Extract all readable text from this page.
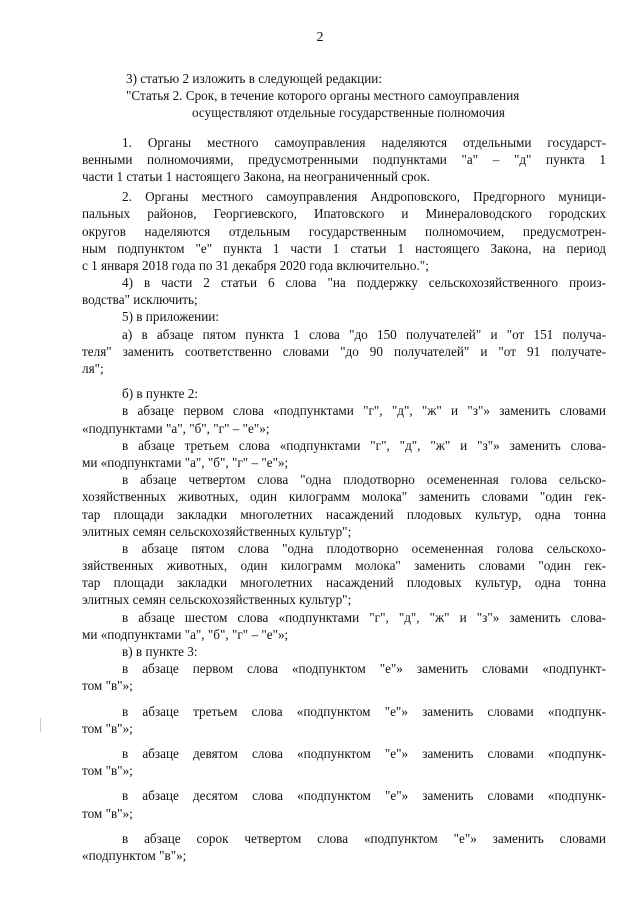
2
3) статью 2 изложить в следующей редакции:
"Статья 2. Срок, в течение которого органы местного самоуправления
осуществляют отдельные государственные полномочия
1. Органы местного самоуправления наделяются отдельными государст-
венными полномочиями, предусмотренными подпунктами "а" – "д" пункта 1
части 1 статьи 1 настоящего Закона, на неограниченный срок.
2. Органы местного самоуправления Андроповского, Предгорного муници-
пальных районов, Георгиевского, Ипатовского и Минераловодского городских
округов наделяются отдельным государственным полномочием, предусмотрен-
ным подпунктом "е" пункта 1 части 1 статьи 1 настоящего Закона, на период
с 1 января 2018 года по 31 декабря 2020 года включительно.";
4) в части 2 статьи 6 слова "на поддержку сельскохозяйственного произ-
водства" исключить;
5) в приложении:
а) в абзаце пятом пункта 1 слова "до 150 получателей" и "от 151 получа-
теля" заменить соответственно словами "до 90 получателей" и "от 91 получате-
ля";
б) в пункте 2:
в абзаце первом слова «подпунктами "г", "д", "ж" и "з"» заменить словами
«подпунктами "а", "б", "г" – "е"»;
в абзаце третьем слова «подпунктами "г", "д", "ж" и "з"» заменить слова-
ми «подпунктами "а", "б", "г" – "е"»;
в абзаце четвертом слова "одна плодотворно осемененная голова сельско-
хозяйственных животных, один килограмм молока" заменить словами "один гек-
тар площади закладки многолетних насаждений плодовых культур, одна тонна
элитных семян сельскохозяйственных культур";
в абзаце пятом слова "одна плодотворно осемененная голова сельскохо-
зяйственных животных, один килограмм молока" заменить словами "один гек-
тар площади закладки многолетних насаждений плодовых культур, одна тонна
элитных семян сельскохозяйственных культур";
в абзаце шестом слова «подпунктами "г", "д", "ж" и "з"» заменить слова-
ми «подпунктами "а", "б", "г" – "е"»;
в) в пункте 3:
в абзаце первом слова «подпунктом "е"» заменить словами «подпункт-
том "в"»;
в абзаце третьем слова «подпунктом "е"» заменить словами «подпунк-
том "в"»;
в абзаце девятом слова «подпунктом "е"» заменить словами «подпунк-
том "в"»;
в абзаце десятом слова «подпунктом "е"» заменить словами «подпунк-
том "в"»;
в абзаце сорок четвертом слова «подпунктом "е"» заменить словами
«подпунктом "в"»;
